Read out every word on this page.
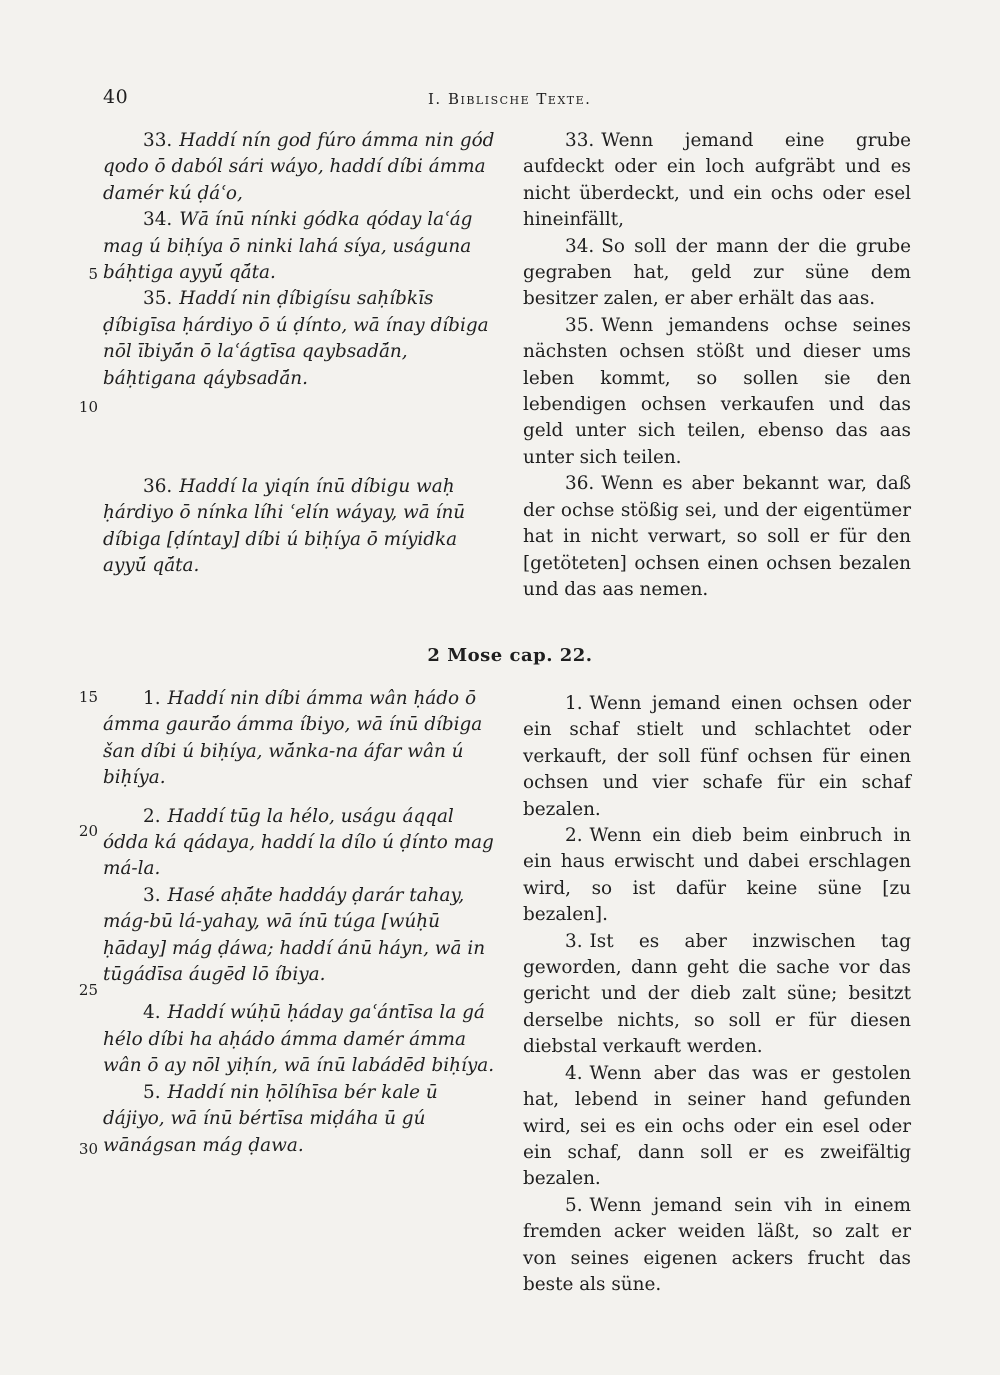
40	I. Biblische Texte.
5
10
15
20
25
30

33. Haddí nín god fúro ámma nin gód qodo ō daból sári wáyo, haddí díbi ámma damér kú ḍáʿo,

34. Wā ínū nínki gódka qóday laʿág mag ú biḥíya ō ninki lahá síya, uságuna báḥtiga ayyū́ qā́ta.

35. Haddí nin ḍíbigísu saḥíbkīs ḍíbigīsa ḥárdiyo ō ú ḍínto, wā ínay díbiga nōl ībiyā́n ō laʿágtīsa qaybsadā́n, báḥtigana qáybsadā́n.

36. Haddí la yiqín ínū díbigu waḥ ḥárdiyo ō nínka líhi ʿelín wáyay, wā ínū díbiga [ḍíntay] díbi ú biḥíya ō míyidka ayyū́ qā́ta.

33. Wenn jemand eine grube aufdeckt oder ein loch aufgräbt und es nicht überdeckt, und ein ochs oder esel hineinfällt,

34. So soll der mann der die grube gegraben hat, geld zur süne dem besitzer zalen, er aber erhält das aas.

35. Wenn jemandens ochse seines nächsten ochsen stößt und dieser ums leben kommt, so sollen sie den lebendigen ochsen verkaufen und das geld unter sich teilen, ebenso das aas unter sich teilen.

36. Wenn es aber bekannt war, daß der ochse stößig sei, und der eigentümer hat in nicht verwart, so soll er für den [getöteten] ochsen einen ochsen bezalen und das aas nemen.

2 Mose cap. 22.

1. Haddí nin díbi ámma wân ḥádo ō ámma gaurā́o ámma íbiyo, wā ínū díbiga šan díbi ú biḥíya, wā́nka-na áfar wân ú biḥíya.

2. Haddí tūg la hélo, uságu áqqal ódda ká qádaya, haddí la dílo ú ḍínto mag má-la.

3. Hasé aḥā́te haddáy ḍarár tahay, mág-bū lá-yahay, wā ínū túga [wúḥū ḥāday] mág ḍáwa; haddí ánū háyn, wā in tūgádīsa áugēd lō íbiya.

4. Haddí wúḥū ḥáday gaʿántīsa la gá hélo díbi ha aḥádo ámma damér ámma wân ō ay nōl yiḥín, wā ínū labádēd biḥíya.

5. Haddí nin ḥōlíhīsa bér kale ū dájiyo, wā ínū bértīsa miḍáha ū gú wānágsan mág ḍawa.

1. Wenn jemand einen ochsen oder ein schaf stielt und schlachtet oder verkauft, der soll fünf ochsen für einen ochsen und vier schafe für ein schaf bezalen.

2. Wenn ein dieb beim einbruch in ein haus erwischt und dabei erschlagen wird, so ist dafür keine süne [zu bezalen].

3. Ist es aber inzwischen tag geworden, dann geht die sache vor das gericht und der dieb zalt süne; besitzt derselbe nichts, so soll er für diesen diebstal verkauft werden.

4. Wenn aber das was er gestolen hat, lebend in seiner hand gefunden wird, sei es ein ochs oder ein esel oder ein schaf, dann soll er es zweifältig bezalen.

5. Wenn jemand sein vih in einem fremden acker weiden läßt, so zalt er von seines eigenen ackers frucht das beste als süne.
